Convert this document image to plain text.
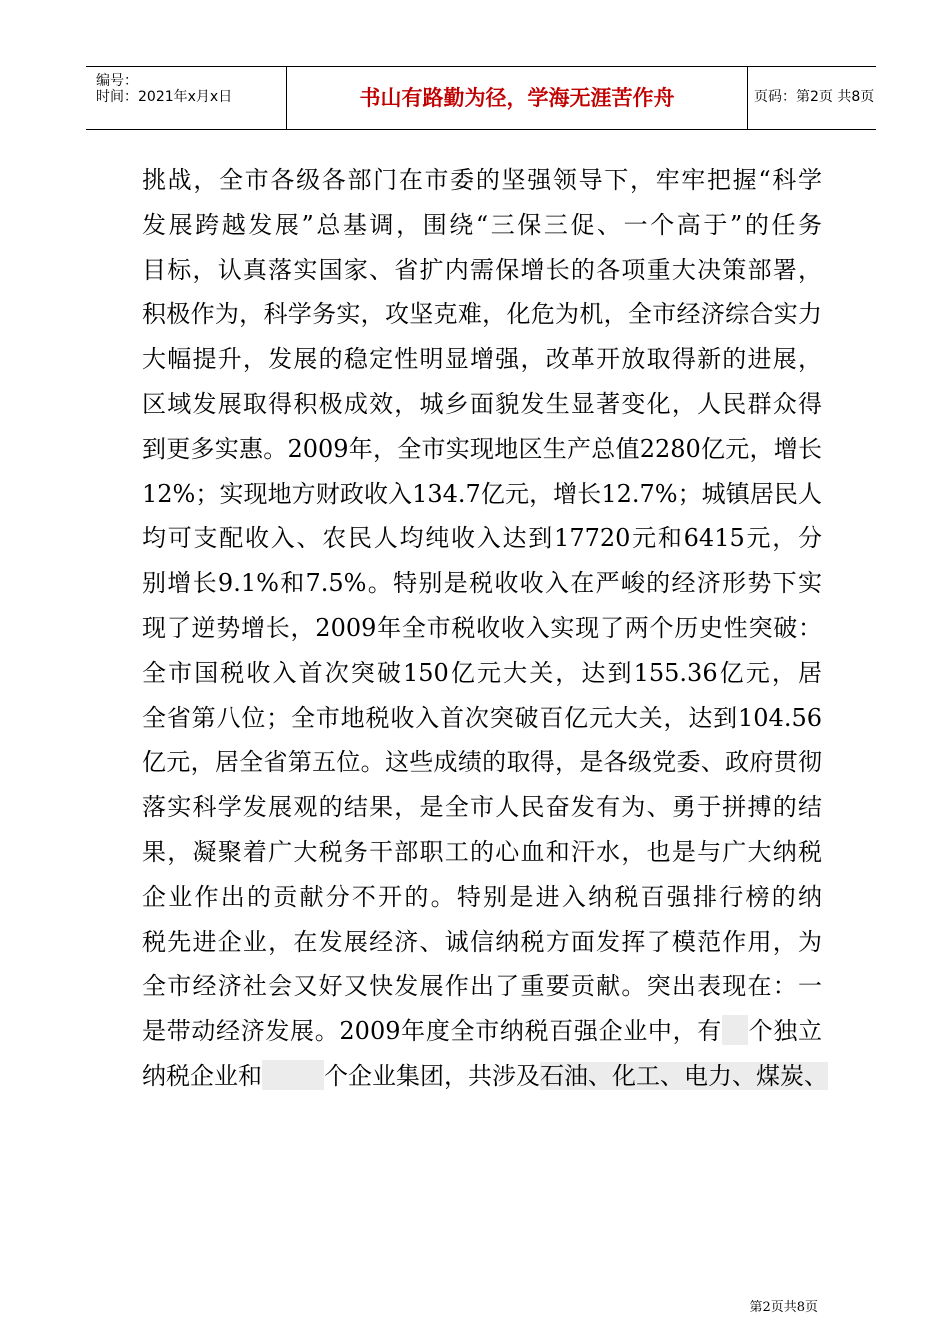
编号：
时间：2021年x月x日	书山有路勤为径，学海无涯苦作舟	页码：第2页 共8页
挑战，全市各级各部门在市委的坚强领导下，牢牢把握“科学
发展跨越发展”总基调，围绕“三保三促、一个高于”的任务
目标，认真落实国家、省扩内需保增长的各项重大决策部署，
积极作为，科学务实，攻坚克难，化危为机，全市经济综合实力
大幅提升，发展的稳定性明显增强，改革开放取得新的进展，
区域发展取得积极成效，城乡面貌发生显著变化，人民群众得
到更多实惠。2009年，全市实现地区生产总值2280亿元，增长
12%；实现地方财政收入134.7亿元，增长12.7%；城镇居民人
均可支配收入、农民人均纯收入达到17720元和6415元，分
别增长9.1%和7.5%。特别是税收收入在严峻的经济形势下实
现了逆势增长，2009年全市税收收入实现了两个历史性突破：
全市国税收入首次突破150亿元大关，达到155.36亿元，居
全省第八位；全市地税收入首次突破百亿元大关，达到104.56
亿元，居全省第五位。这些成绩的取得，是各级党委、政府贯彻
落实科学发展观的结果，是全市人民奋发有为、勇于拼搏的结
果，凝聚着广大税务干部职工的心血和汗水，也是与广大纳税
企业作出的贡献分不开的。特别是进入纳税百强排行榜的纳
税先进企业，在发展经济、诚信纳税方面发挥了模范作用，为
全市经济社会又好又快发展作出了重要贡献。突出表现在：一
是带动经济发展。2009年度全市纳税百强企业中，有 个独立
纳税企业和	个企业集团，共涉及石油、化工、电力、煤炭、
第2页共8页
